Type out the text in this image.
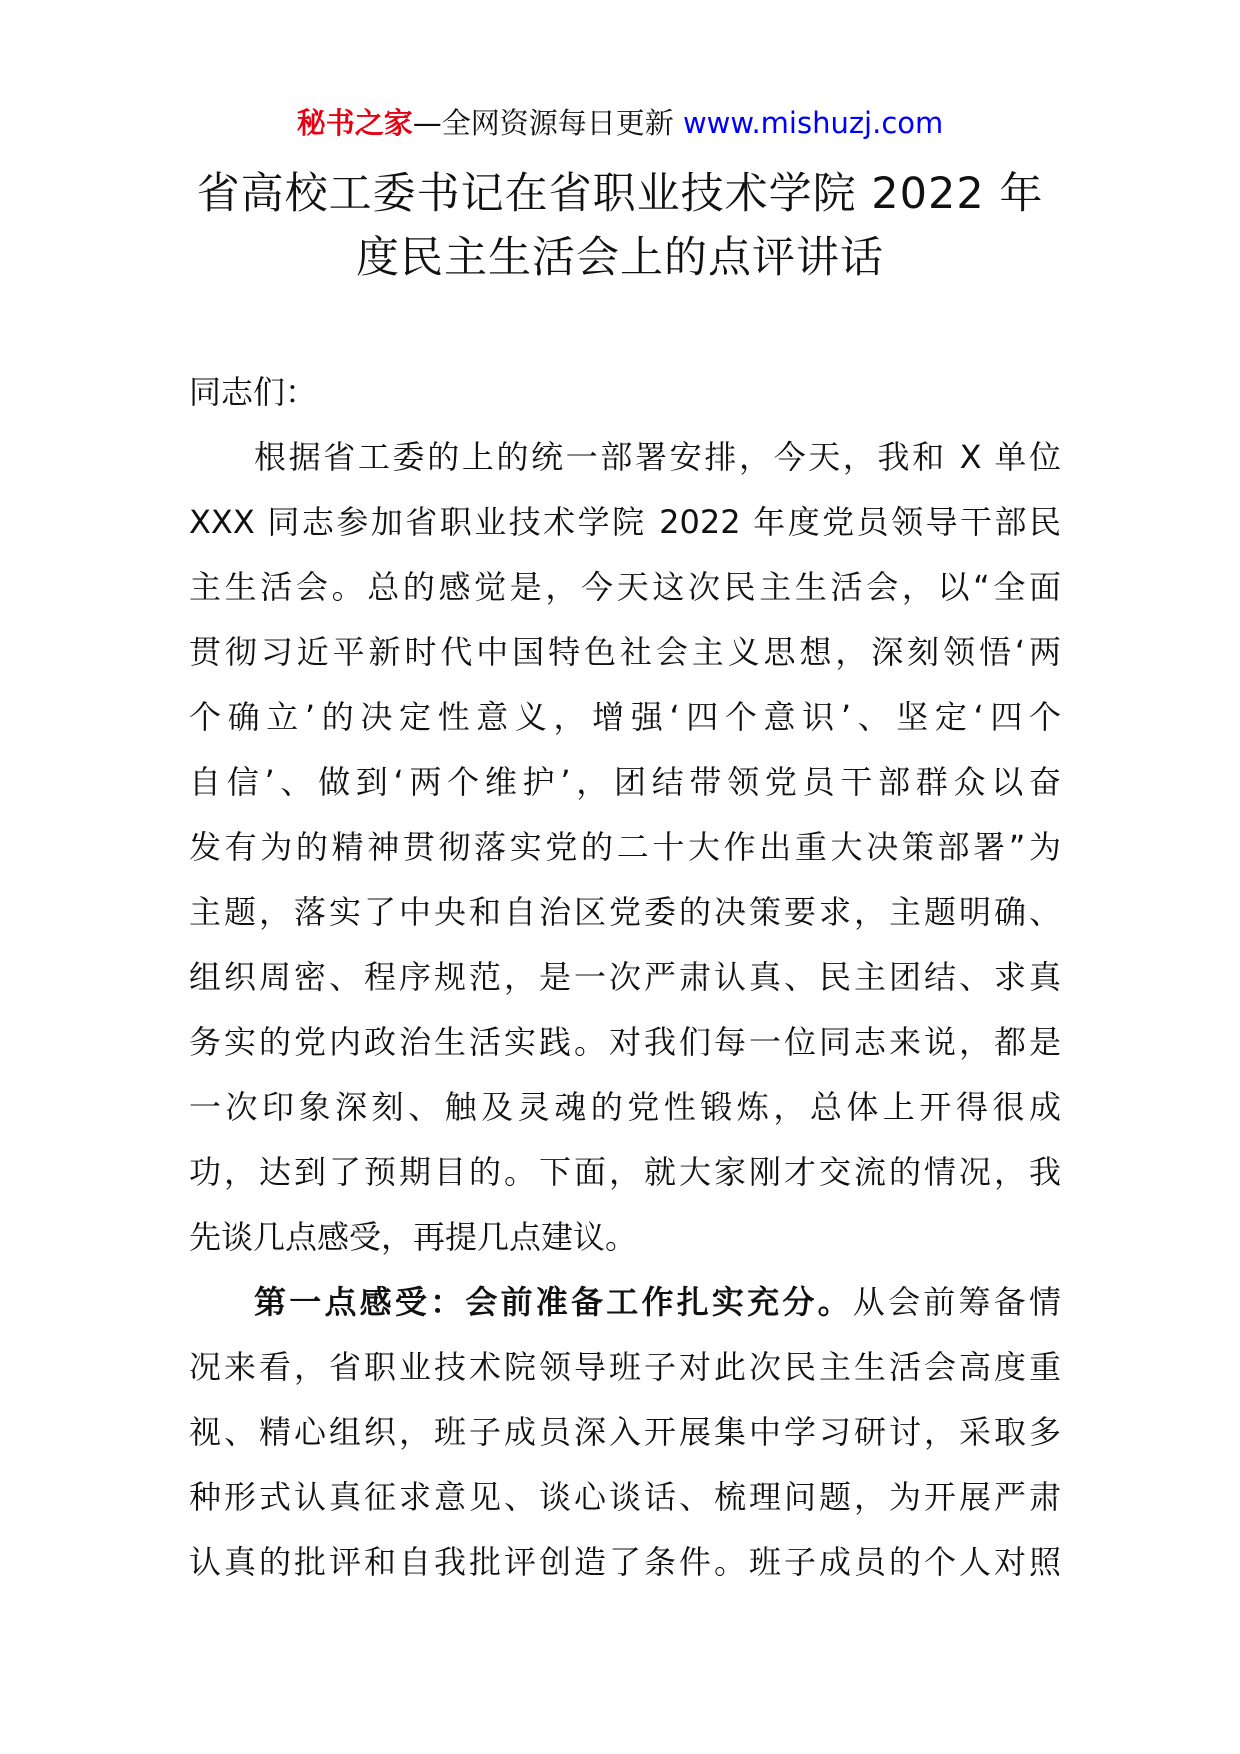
秘书之家—全网资源每日更新 www.mishuzj.com
省高校工委书记在省职业技术学院 2022 年
度民主生活会上的点评讲话
同志们：
根据省工委的上的统一部署安排，今天，我和 X 单位
XXX 同志参加省职业技术学院 2022 年度党员领导干部民
主生活会。总的感觉是，今天这次民主生活会，以“全面
贯彻习近平新时代中国特色社会主义思想，深刻领悟‘两
个确立’的决定性意义，增强‘四个意识’、坚定‘四个
自信’、做到‘两个维护’，团结带领党员干部群众以奋
发有为的精神贯彻落实党的二十大作出重大决策部署”为
主题，落实了中央和自治区党委的决策要求，主题明确、
组织周密、程序规范，是一次严肃认真、民主团结、求真
务实的党内政治生活实践。对我们每一位同志来说，都是
一次印象深刻、触及灵魂的党性锻炼，总体上开得很成
功，达到了预期目的。下面，就大家刚才交流的情况，我
先谈几点感受，再提几点建议。
第一点感受：会前准备工作扎实充分。从会前筹备情
况来看，省职业技术院领导班子对此次民主生活会高度重
视、精心组织，班子成员深入开展集中学习研讨，采取多
种形式认真征求意见、谈心谈话、梳理问题，为开展严肃
认真的批评和自我批评创造了条件。班子成员的个人对照
